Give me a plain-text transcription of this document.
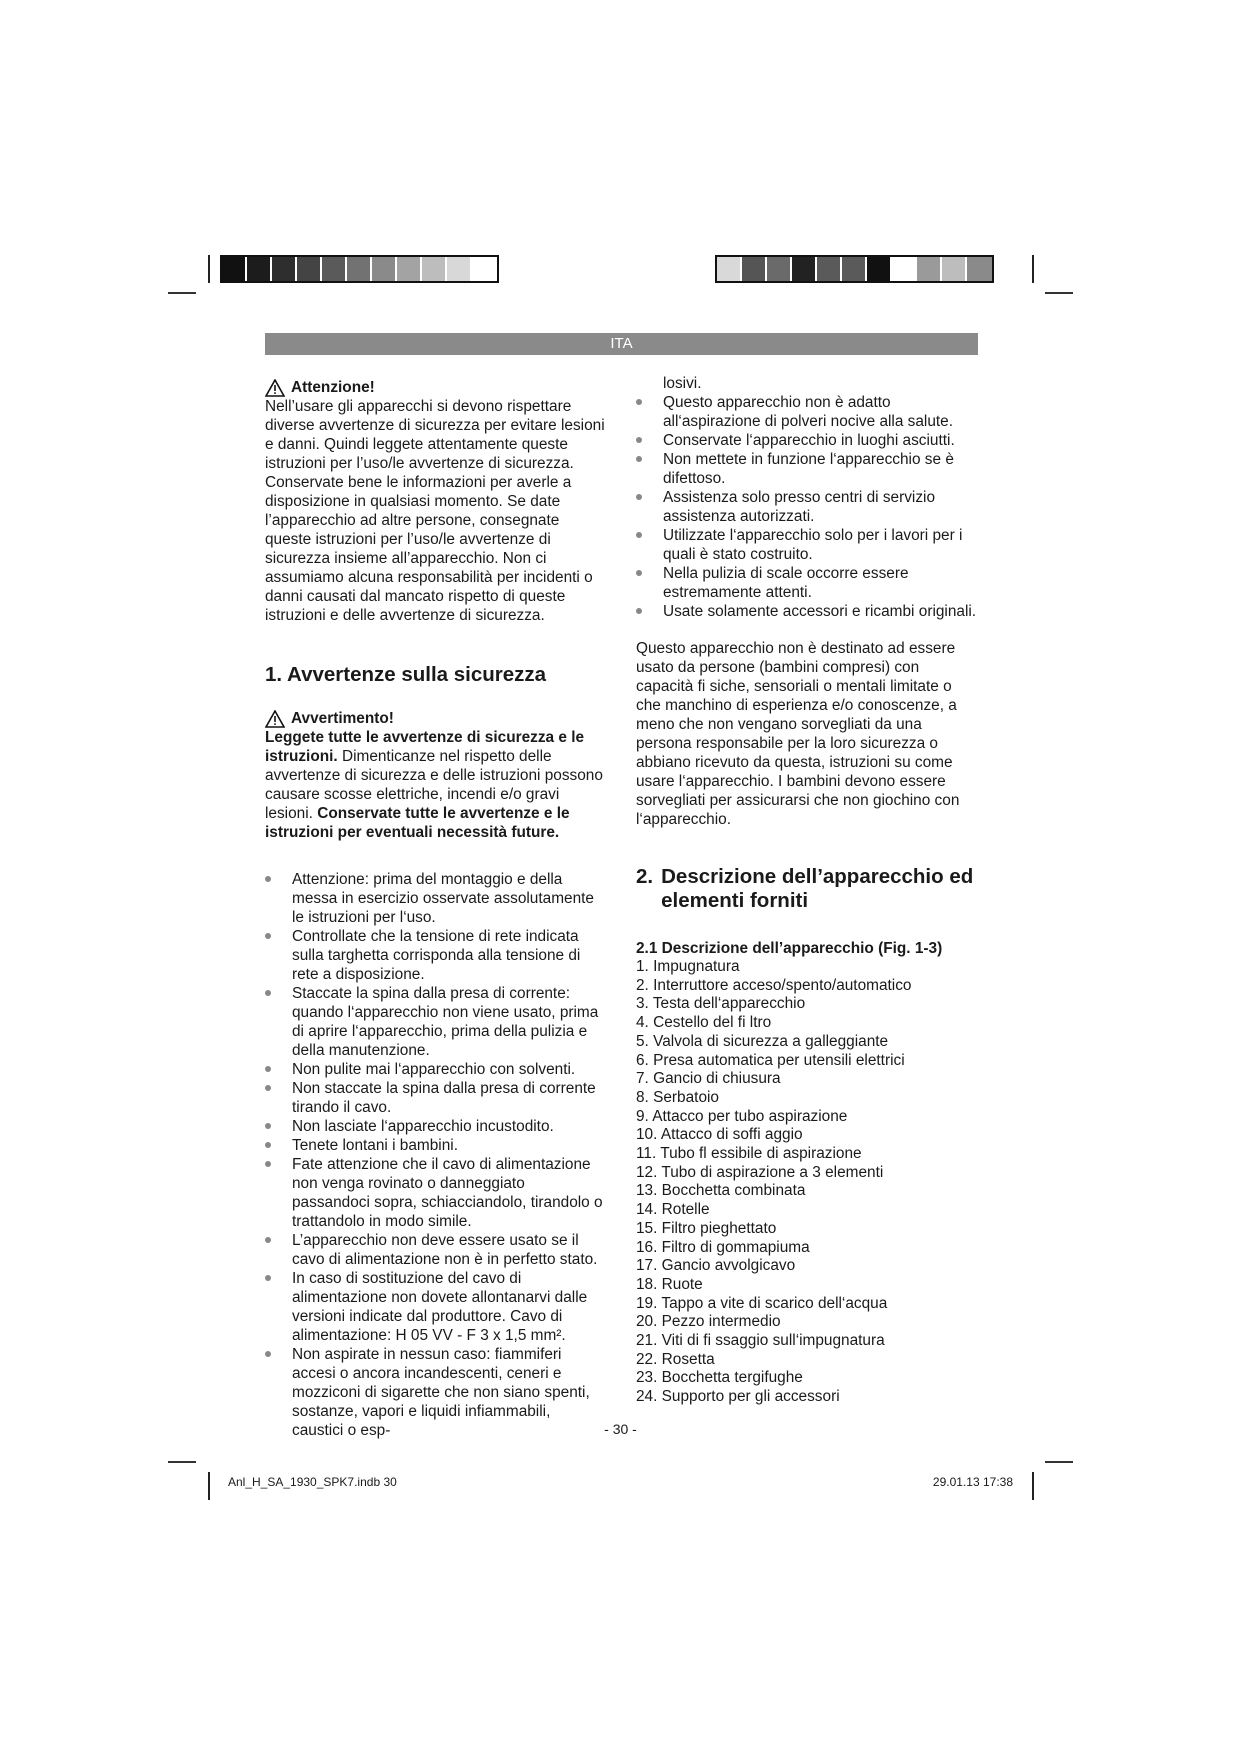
ITA
Attenzione!

Nell’usare gli apparecchi si devono rispettare diverse avvertenze di sicurezza per evitare lesioni e danni. Quindi leggete attentamente queste istruzioni per l’uso/le avvertenze di sicurezza. Conservate bene le informazioni per averle a disposizione in qualsiasi momento. Se date l’apparecchio ad altre persone, consegnate queste istruzioni per l’uso/le avvertenze di sicurezza insieme all’apparecchio. Non ci assumiamo alcuna responsabilità per incidenti o danni causati dal mancato rispetto di queste istruzioni e delle avvertenze di sicurezza.

1. Avvertenze sulla sicurezza
Avvertimento!

Leggete tutte le avvertenze di sicurezza e le istruzioni. Dimenticanze nel rispetto delle avvertenze di sicurezza e delle istruzioni possono causare scosse elettriche, incendi e/o gravi lesioni. Conservate tutte le avvertenze e le istruzioni per eventuali necessità future.

Attenzione: prima del montaggio e della messa in esercizio osservate assolutamente le istruzioni per l‘uso.
Controllate che la tensione di rete indicata sulla targhetta corrisponda alla tensione di rete a disposizione.
Staccate la spina dalla presa di corrente: quando l‘apparecchio non viene usato, prima di aprire l‘apparecchio, prima della pulizia e della manutenzione.
Non pulite mai l‘apparecchio con solventi.
Non staccate la spina dalla presa di corrente tirando il cavo.
Non lasciate l‘apparecchio incustodito.
Tenete lontani i bambini.
Fate attenzione che il cavo di alimentazione non venga rovinato o danneggiato passandoci sopra, schiacciandolo, tirandolo o trattandolo in modo simile.
L’apparecchio non deve essere usato se il cavo di alimentazione non è in perfetto stato.
In caso di sostituzione del cavo di alimentazione non dovete allontanarvi dalle versioni indicate dal produttore. Cavo di alimentazione: H 05 VV - F 3 x 1,5 mm².
Non aspirate in nessun caso: fiammiferi accesi o ancora incandescenti, ceneri e mozziconi di sigarette che non siano spenti, sostanze, vapori e liquidi infiammabili, caustici o esp-

losivi.

Questo apparecchio non è adatto all‘aspirazione di polveri nocive alla salute.
Conservate l‘apparecchio in luoghi asciutti.
Non mettete in funzione l‘apparecchio se è difettoso.
Assistenza solo presso centri di servizio assistenza autorizzati.
Utilizzate l‘apparecchio solo per i lavori per i quali è stato costruito.
Nella pulizia di scale occorre essere estremamente attenti.
Usate solamente accessori e ricambi originali.

Questo apparecchio non è destinato ad essere usato da persone (bambini compresi) con capacità fi siche, sensoriali o mentali limitate o che manchino di esperienza e/o conoscenze, a meno che non vengano sorvegliati da una persona responsabile per la loro sicurezza o abbiano ricevuto da questa, istruzioni su come usare l‘apparecchio. I bambini devono essere sorvegliati per assicurarsi che non giochino con l‘apparecchio.

2. Descrizione dell’apparecchio ed elementi forniti
2.1 Descrizione dell’apparecchio (Fig. 1-3)
1. Impugnatura
2. Interruttore acceso/spento/automatico
3. Testa dell‘apparecchio
4. Cestello del fi ltro
5. Valvola di sicurezza a galleggiante
6. Presa automatica per utensili elettrici
7. Gancio di chiusura
8. Serbatoio
9. Attacco per tubo aspirazione
10. Attacco di soffi aggio
11. Tubo fl essibile di aspirazione
12. Tubo di aspirazione a 3 elementi
13. Bocchetta combinata
14. Rotelle
15. Filtro pieghettato
16. Filtro di gommapiuma
17. Gancio avvolgicavo
18. Ruote
19. Tappo a vite di scarico dell‘acqua
20. Pezzo intermedio
21. Viti di fi ssaggio sull‘impugnatura
22. Rosetta
23. Bocchetta tergifughe
24. Supporto per gli accessori
- 30 -
Anl_H_SA_1930_SPK7.indb 30	29.01.13 17:38
